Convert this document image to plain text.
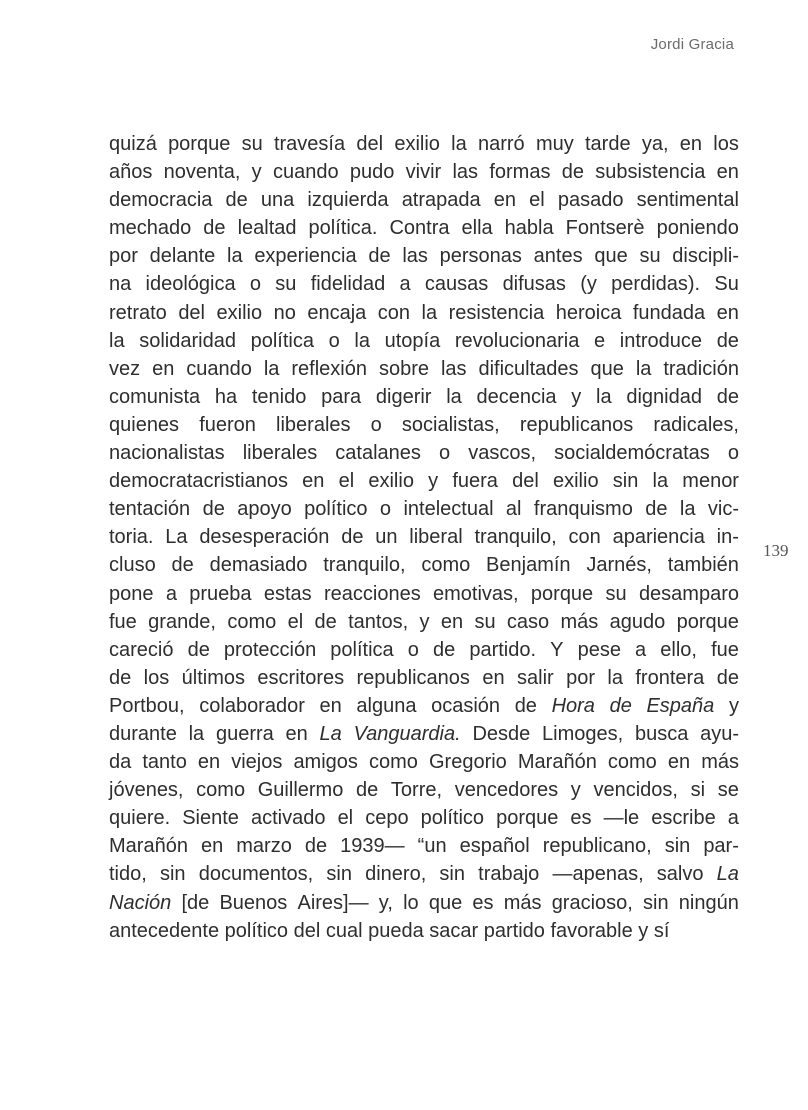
Jordi Gracia
quizá porque su travesía del exilio la narró muy tarde ya, en los
años noventa, y cuando pudo vivir las formas de subsistencia en
democracia de una izquierda atrapada en el pasado sentimental
mechado de lealtad política. Contra ella habla Fontserè poniendo
por delante la experiencia de las personas antes que su discipli-
na ideológica o su fidelidad a causas difusas (y perdidas). Su
retrato del exilio no encaja con la resistencia heroica fundada en
la solidaridad política o la utopía revolucionaria e introduce de
vez en cuando la reflexión sobre las dificultades que la tradición
comunista ha tenido para digerir la decencia y la dignidad de
quienes fueron liberales o socialistas, republicanos radicales,
nacionalistas liberales catalanes o vascos, socialdemócratas o
democratacristianos en el exilio y fuera del exilio sin la menor
tentación de apoyo político o intelectual al franquismo de la vic-
toria. La desesperación de un liberal tranquilo, con apariencia in-
cluso de demasiado tranquilo, como Benjamín Jarnés, también
pone a prueba estas reacciones emotivas, porque su desamparo
fue grande, como el de tantos, y en su caso más agudo porque
careció de protección política o de partido. Y pese a ello, fue
de los últimos escritores republicanos en salir por la frontera de
Portbou, colaborador en alguna ocasión de Hora de España y
durante la guerra en La Vanguardia. Desde Limoges, busca ayu-
da tanto en viejos amigos como Gregorio Marañón como en más
jóvenes, como Guillermo de Torre, vencedores y vencidos, si se
quiere. Siente activado el cepo político porque es —le escribe a
Marañón en marzo de 1939— “un español republicano, sin par-
tido, sin documentos, sin dinero, sin trabajo —apenas, salvo La
Nación [de Buenos Aires]— y, lo que es más gracioso, sin ningún
antecedente político del cual pueda sacar partido favorable y sí
139
